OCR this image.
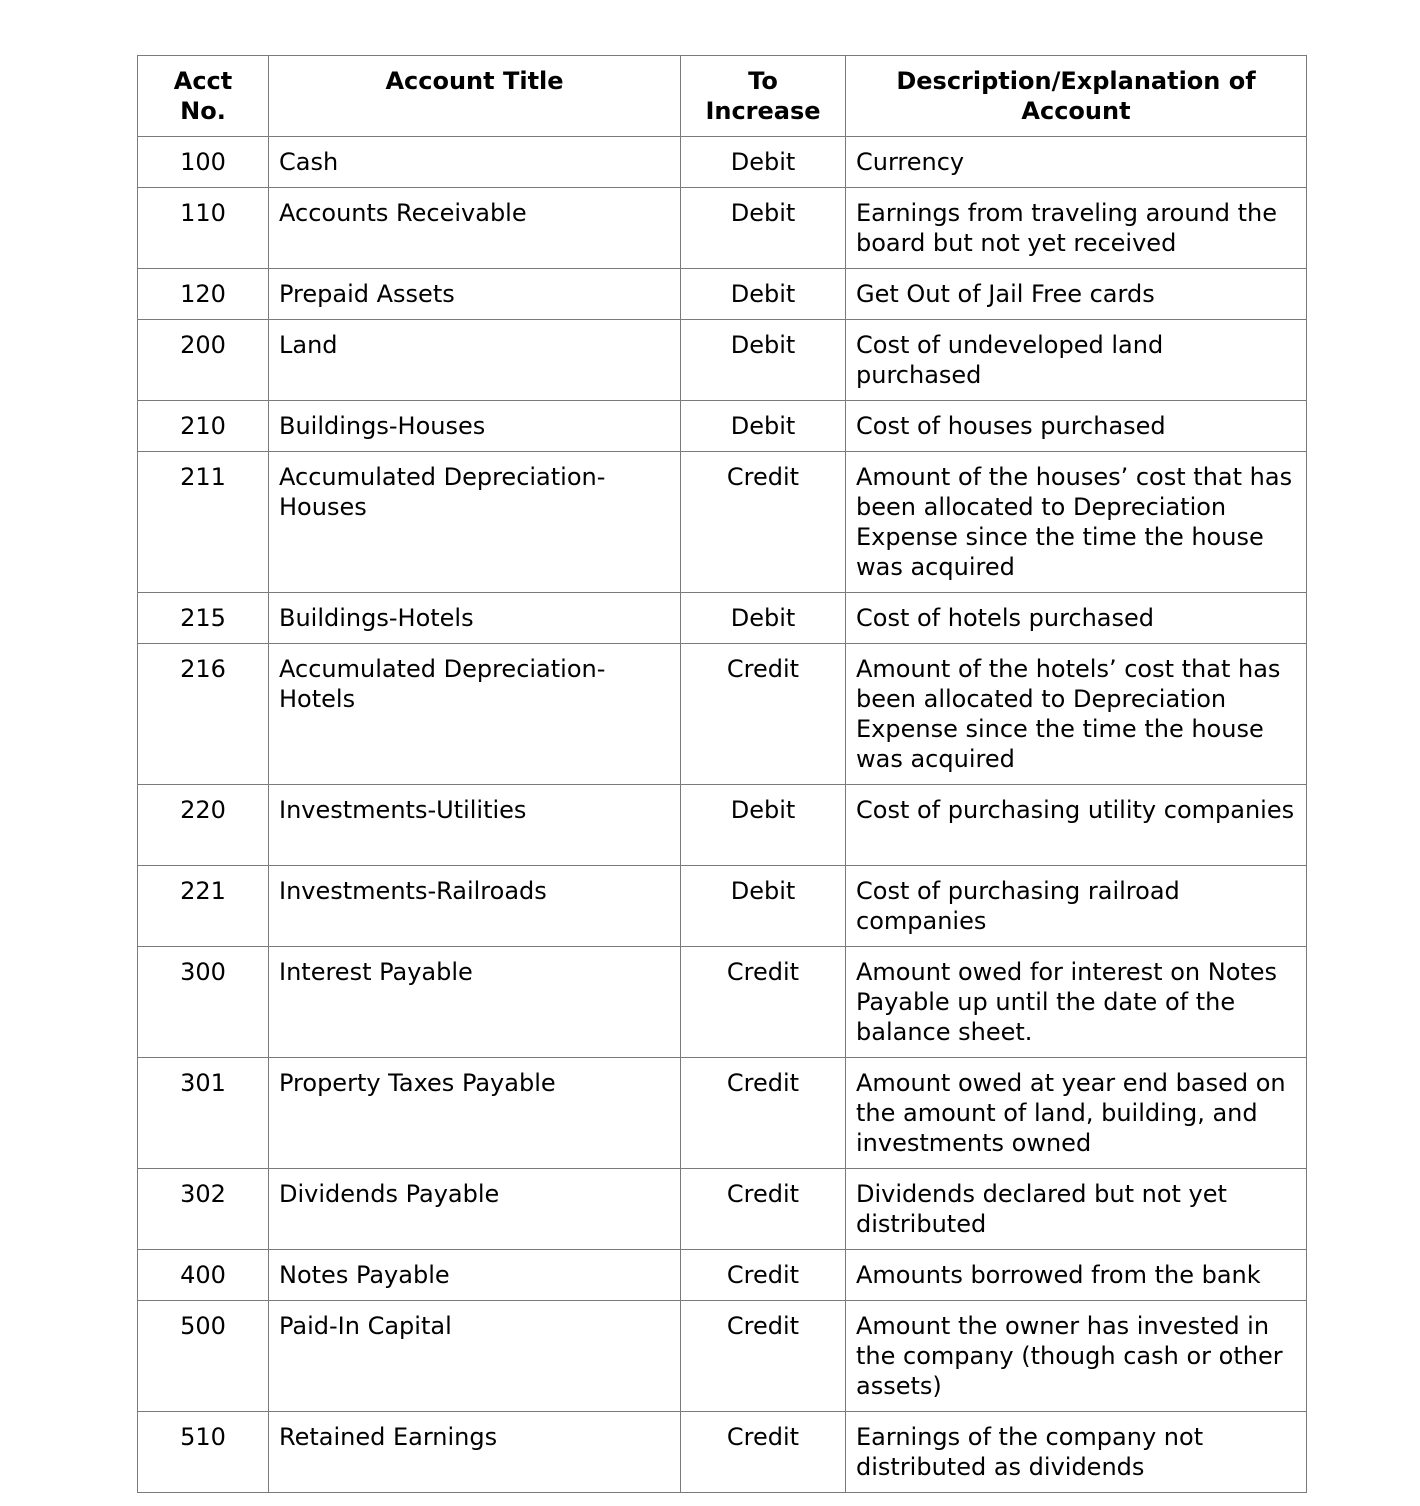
Acct No.	Account Title	To Increase	Description/Explanation of Account
100	Cash	Debit	Currency
110	Accounts Receivable	Debit	Earnings from traveling around the board but not yet received
120	Prepaid Assets	Debit	Get Out of Jail Free cards
200	Land	Debit	Cost of undeveloped land purchased
210	Buildings-Houses	Debit	Cost of houses purchased
211	Accumulated Depreciation-Houses	Credit	Amount of the houses’ cost that has been allocated to Depreciation Expense since the time the house was acquired
215	Buildings-Hotels	Debit	Cost of hotels purchased
216	Accumulated Depreciation-Hotels	Credit	Amount of the hotels’ cost that has been allocated to Depreciation Expense since the time the house was acquired
220	Investments-Utilities	Debit	Cost of purchasing utility companies
221	Investments-Railroads	Debit	Cost of purchasing railroad companies
300	Interest Payable	Credit	Amount owed for interest on Notes Payable up until the date of the balance sheet.
301	Property Taxes Payable	Credit	Amount owed at year end based on the amount of land, building, and investments owned
302	Dividends Payable	Credit	Dividends declared but not yet distributed
400	Notes Payable	Credit	Amounts borrowed from the bank
500	Paid-In Capital	Credit	Amount the owner has invested in the company (though cash or other assets)
510	Retained Earnings	Credit	Earnings of the company not distributed as dividends
